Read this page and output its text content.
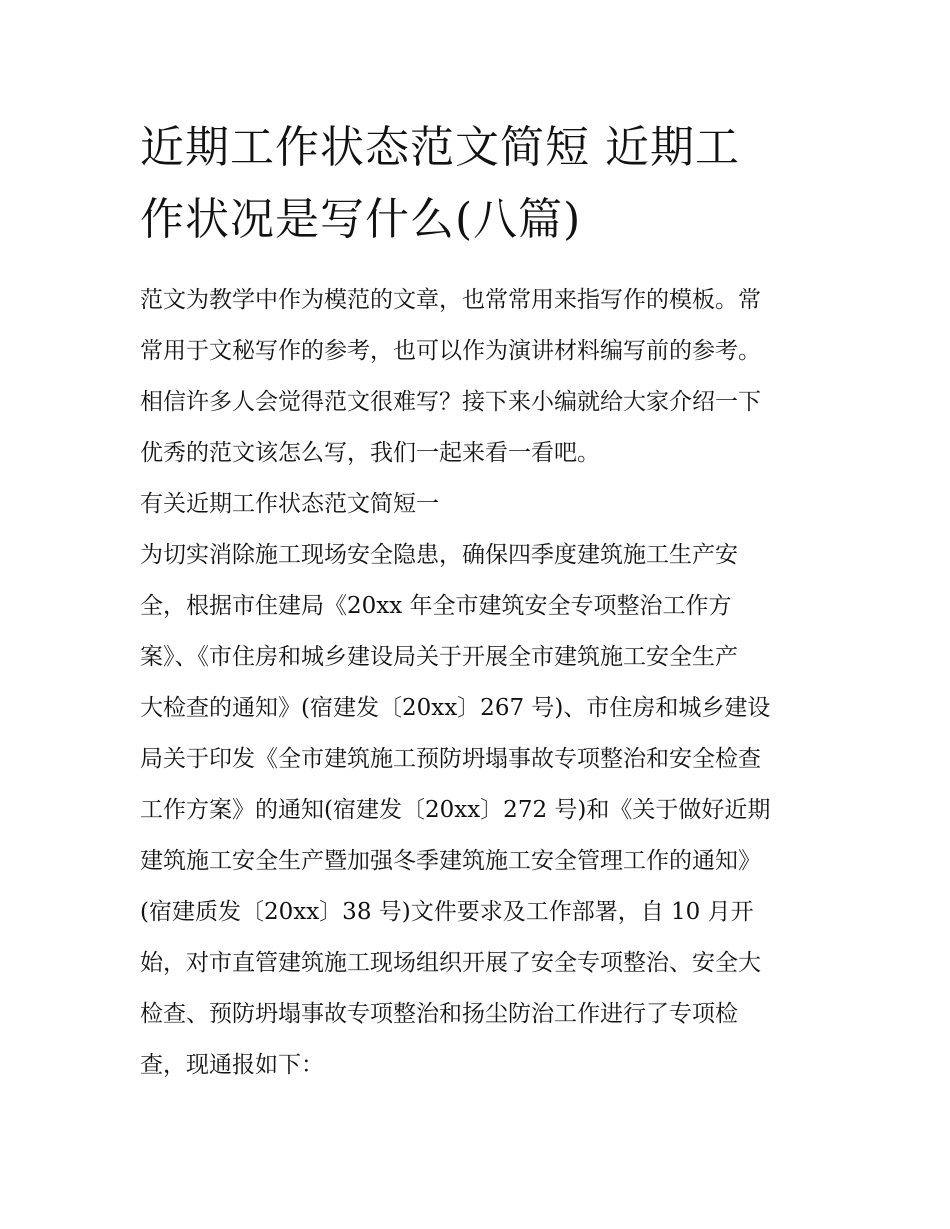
近期工作状态范文简短 近期工
作状况是写什么(八篇)

范文为教学中作为模范的文章，也常常用来指写作的模板。常

常用于文秘写作的参考，也可以作为演讲材料编写前的参考。

相信许多人会觉得范文很难写？接下来小编就给大家介绍一下

优秀的范文该怎么写，我们一起来看一看吧。

有关近期工作状态范文简短一

为切实消除施工现场安全隐患，确保四季度建筑施工生产安

全，根据市住建局《20xx 年全市建筑安全专项整治工作方

案》、《市住房和城乡建设局关于开展全市建筑施工安全生产

大检查的通知》(宿建发〔20xx〕267 号)、市住房和城乡建设

局关于印发《全市建筑施工预防坍塌事故专项整治和安全检查

工作方案》的通知(宿建发〔20xx〕272 号)和《关于做好近期

建筑施工安全生产暨加强冬季建筑施工安全管理工作的通知》

(宿建质发〔20xx〕38 号)文件要求及工作部署，自 10 月开

始，对市直管建筑施工现场组织开展了安全专项整治、安全大

检查、预防坍塌事故专项整治和扬尘防治工作进行了专项检

查，现通报如下：
